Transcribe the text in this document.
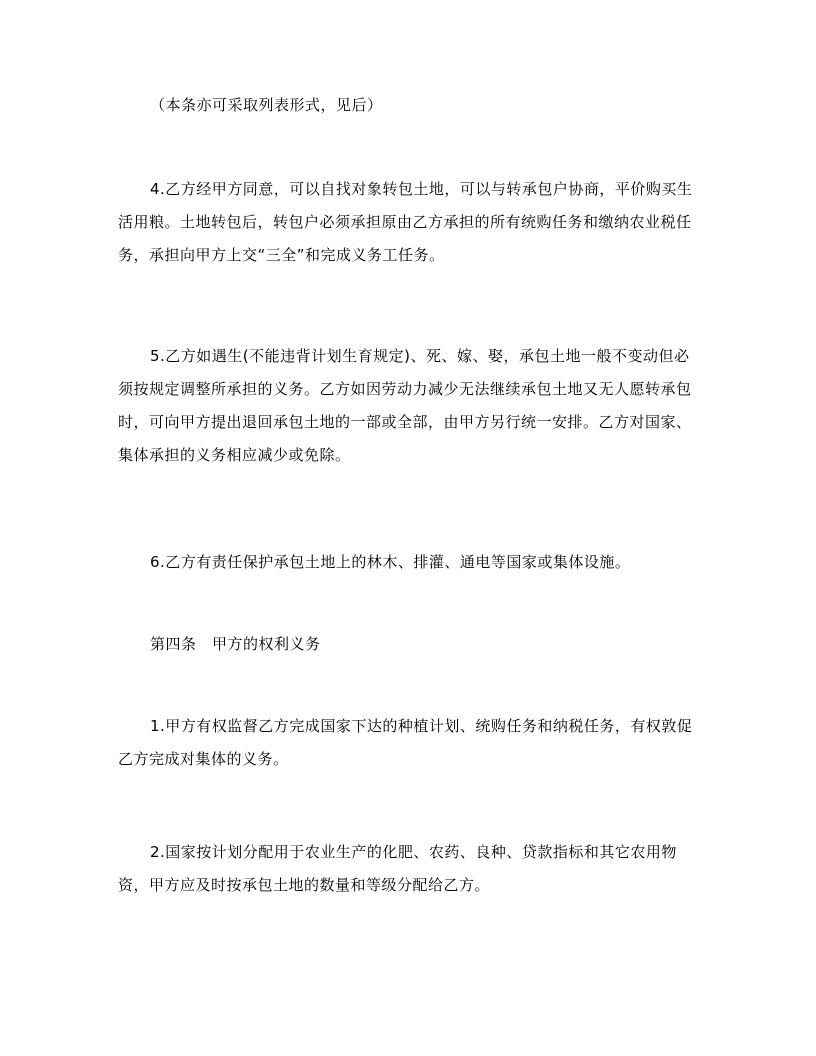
（本条亦可采取列表形式，见后）

4.乙方经甲方同意，可以自找对象转包土地，可以与转承包户协商，平价购买生活用粮。土地转包后，转包户必须承担原由乙方承担的所有统购任务和缴纳农业税任务，承担向甲方上交“三全”和完成义务工任务。

5.乙方如遇生(不能违背计划生育规定)、死、嫁、娶，承包土地一般不变动但必须按规定调整所承担的义务。乙方如因劳动力减少无法继续承包土地又无人愿转承包时，可向甲方提出退回承包土地的一部或全部，由甲方另行统一安排。乙方对国家、集体承担的义务相应减少或免除。

6.乙方有责任保护承包土地上的林木、排灌、通电等国家或集体设施。

第四条　甲方的权利义务

1.甲方有权监督乙方完成国家下达的种植计划、统购任务和纳税任务，有权敦促乙方完成对集体的义务。

2.国家按计划分配用于农业生产的化肥、农药、良种、贷款指标和其它农用物资，甲方应及时按承包土地的数量和等级分配给乙方。
